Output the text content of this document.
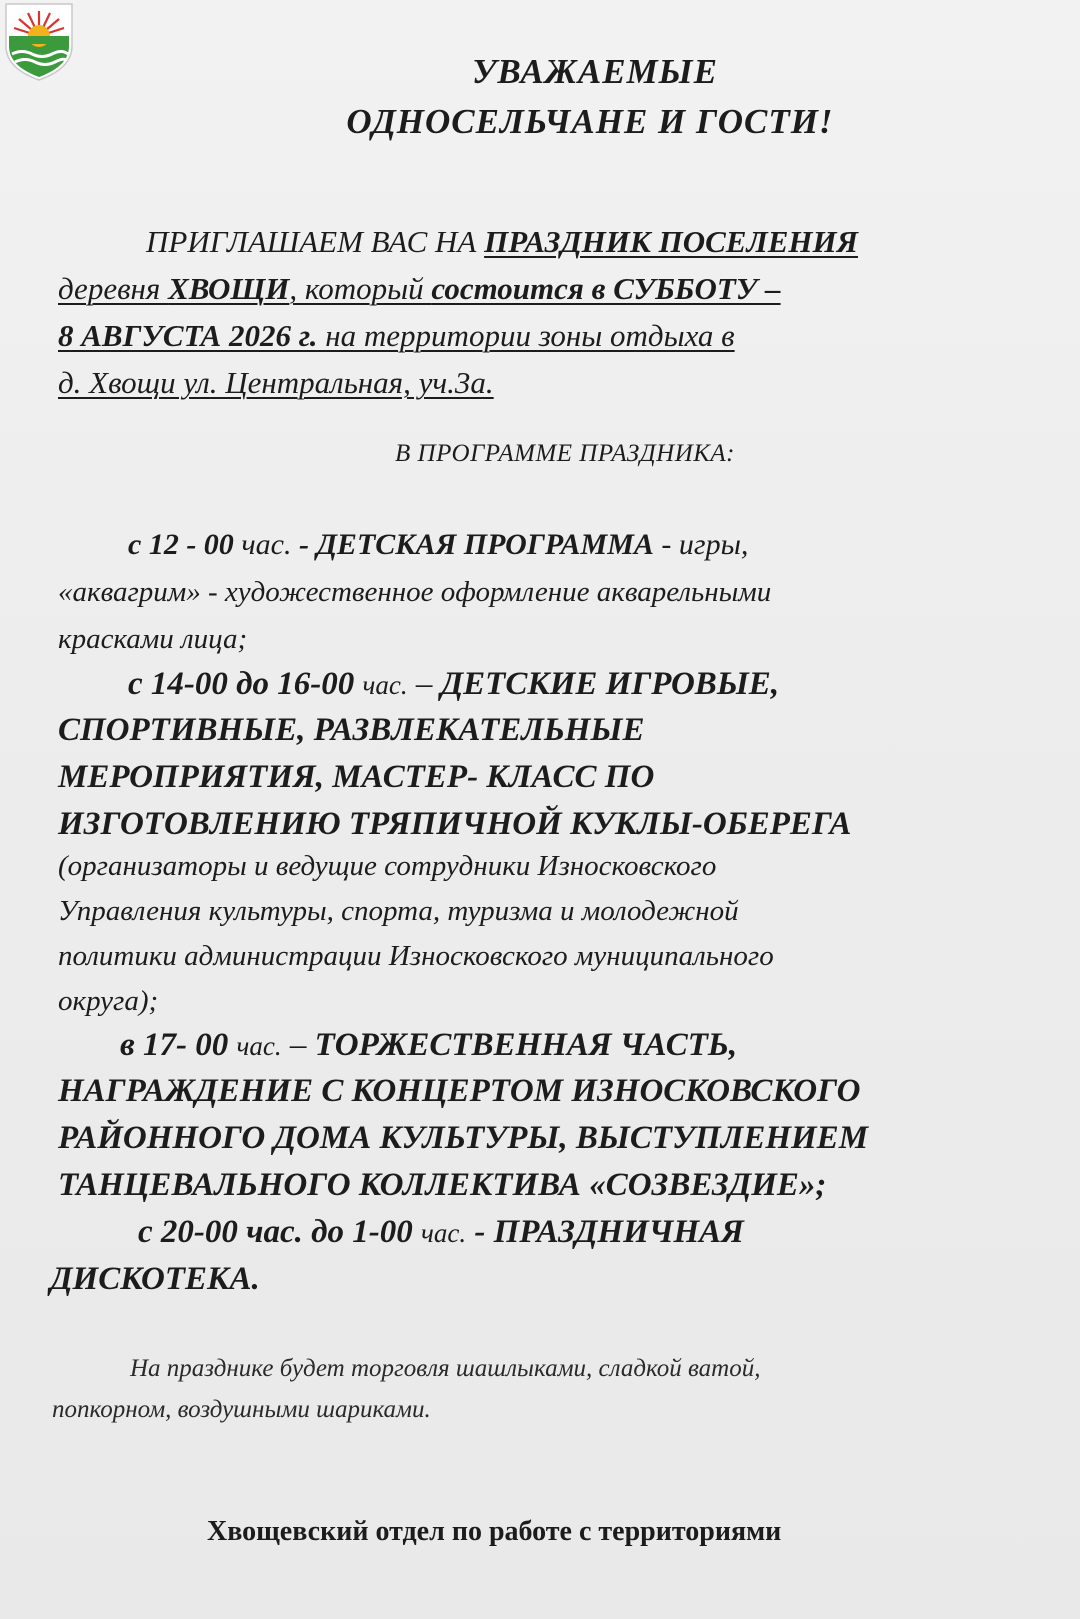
УВАЖАЕМЫЕ
ОДНОСЕЛЬЧАНЕ И ГОСТИ!
ПРИГЛАШАЕМ ВАС НА ПРАЗДНИК ПОСЕЛЕНИЯ
деревня ХВОЩИ, который состоится в СУББОТУ –
8 АВГУСТА 2026 г. на территории зоны отдыха в
д. Хвощи ул. Центральная, уч.3а.
В ПРОГРАММЕ ПРАЗДНИКА:
с 12 - 00 час. - ДЕТСКАЯ ПРОГРАММА - игры,
«аквагрим» - художественное оформление акварельными
красками лица;
с 14-00 до 16-00 час. – ДЕТСКИЕ ИГРОВЫЕ,
СПОРТИВНЫЕ, РАЗВЛЕКАТЕЛЬНЫЕ
МЕРОПРИЯТИЯ, МАСТЕР- КЛАСС ПО
ИЗГОТОВЛЕНИЮ ТРЯПИЧНОЙ КУКЛЫ-ОБЕРЕГА
(организаторы и ведущие сотрудники Износковского
Управления культуры, спорта, туризма и молодежной
политики администрации Износковского муниципального
округа);
в 17- 00 час. – ТОРЖЕСТВЕННАЯ ЧАСТЬ,
НАГРАЖДЕНИЕ С КОНЦЕРТОМ ИЗНОСКОВСКОГО
РАЙОННОГО ДОМА КУЛЬТУРЫ, ВЫСТУПЛЕНИЕМ
ТАНЦЕВАЛЬНОГО КОЛЛЕКТИВА «СОЗВЕЗДИЕ»;
с 20-00 час. до 1-00 час. - ПРАЗДНИЧНАЯ
ДИСКОТЕКА.
На празднике будет торговля шашлыками, сладкой ватой,
попкорном, воздушными шариками.
Хвощевский отдел по работе с территориями
